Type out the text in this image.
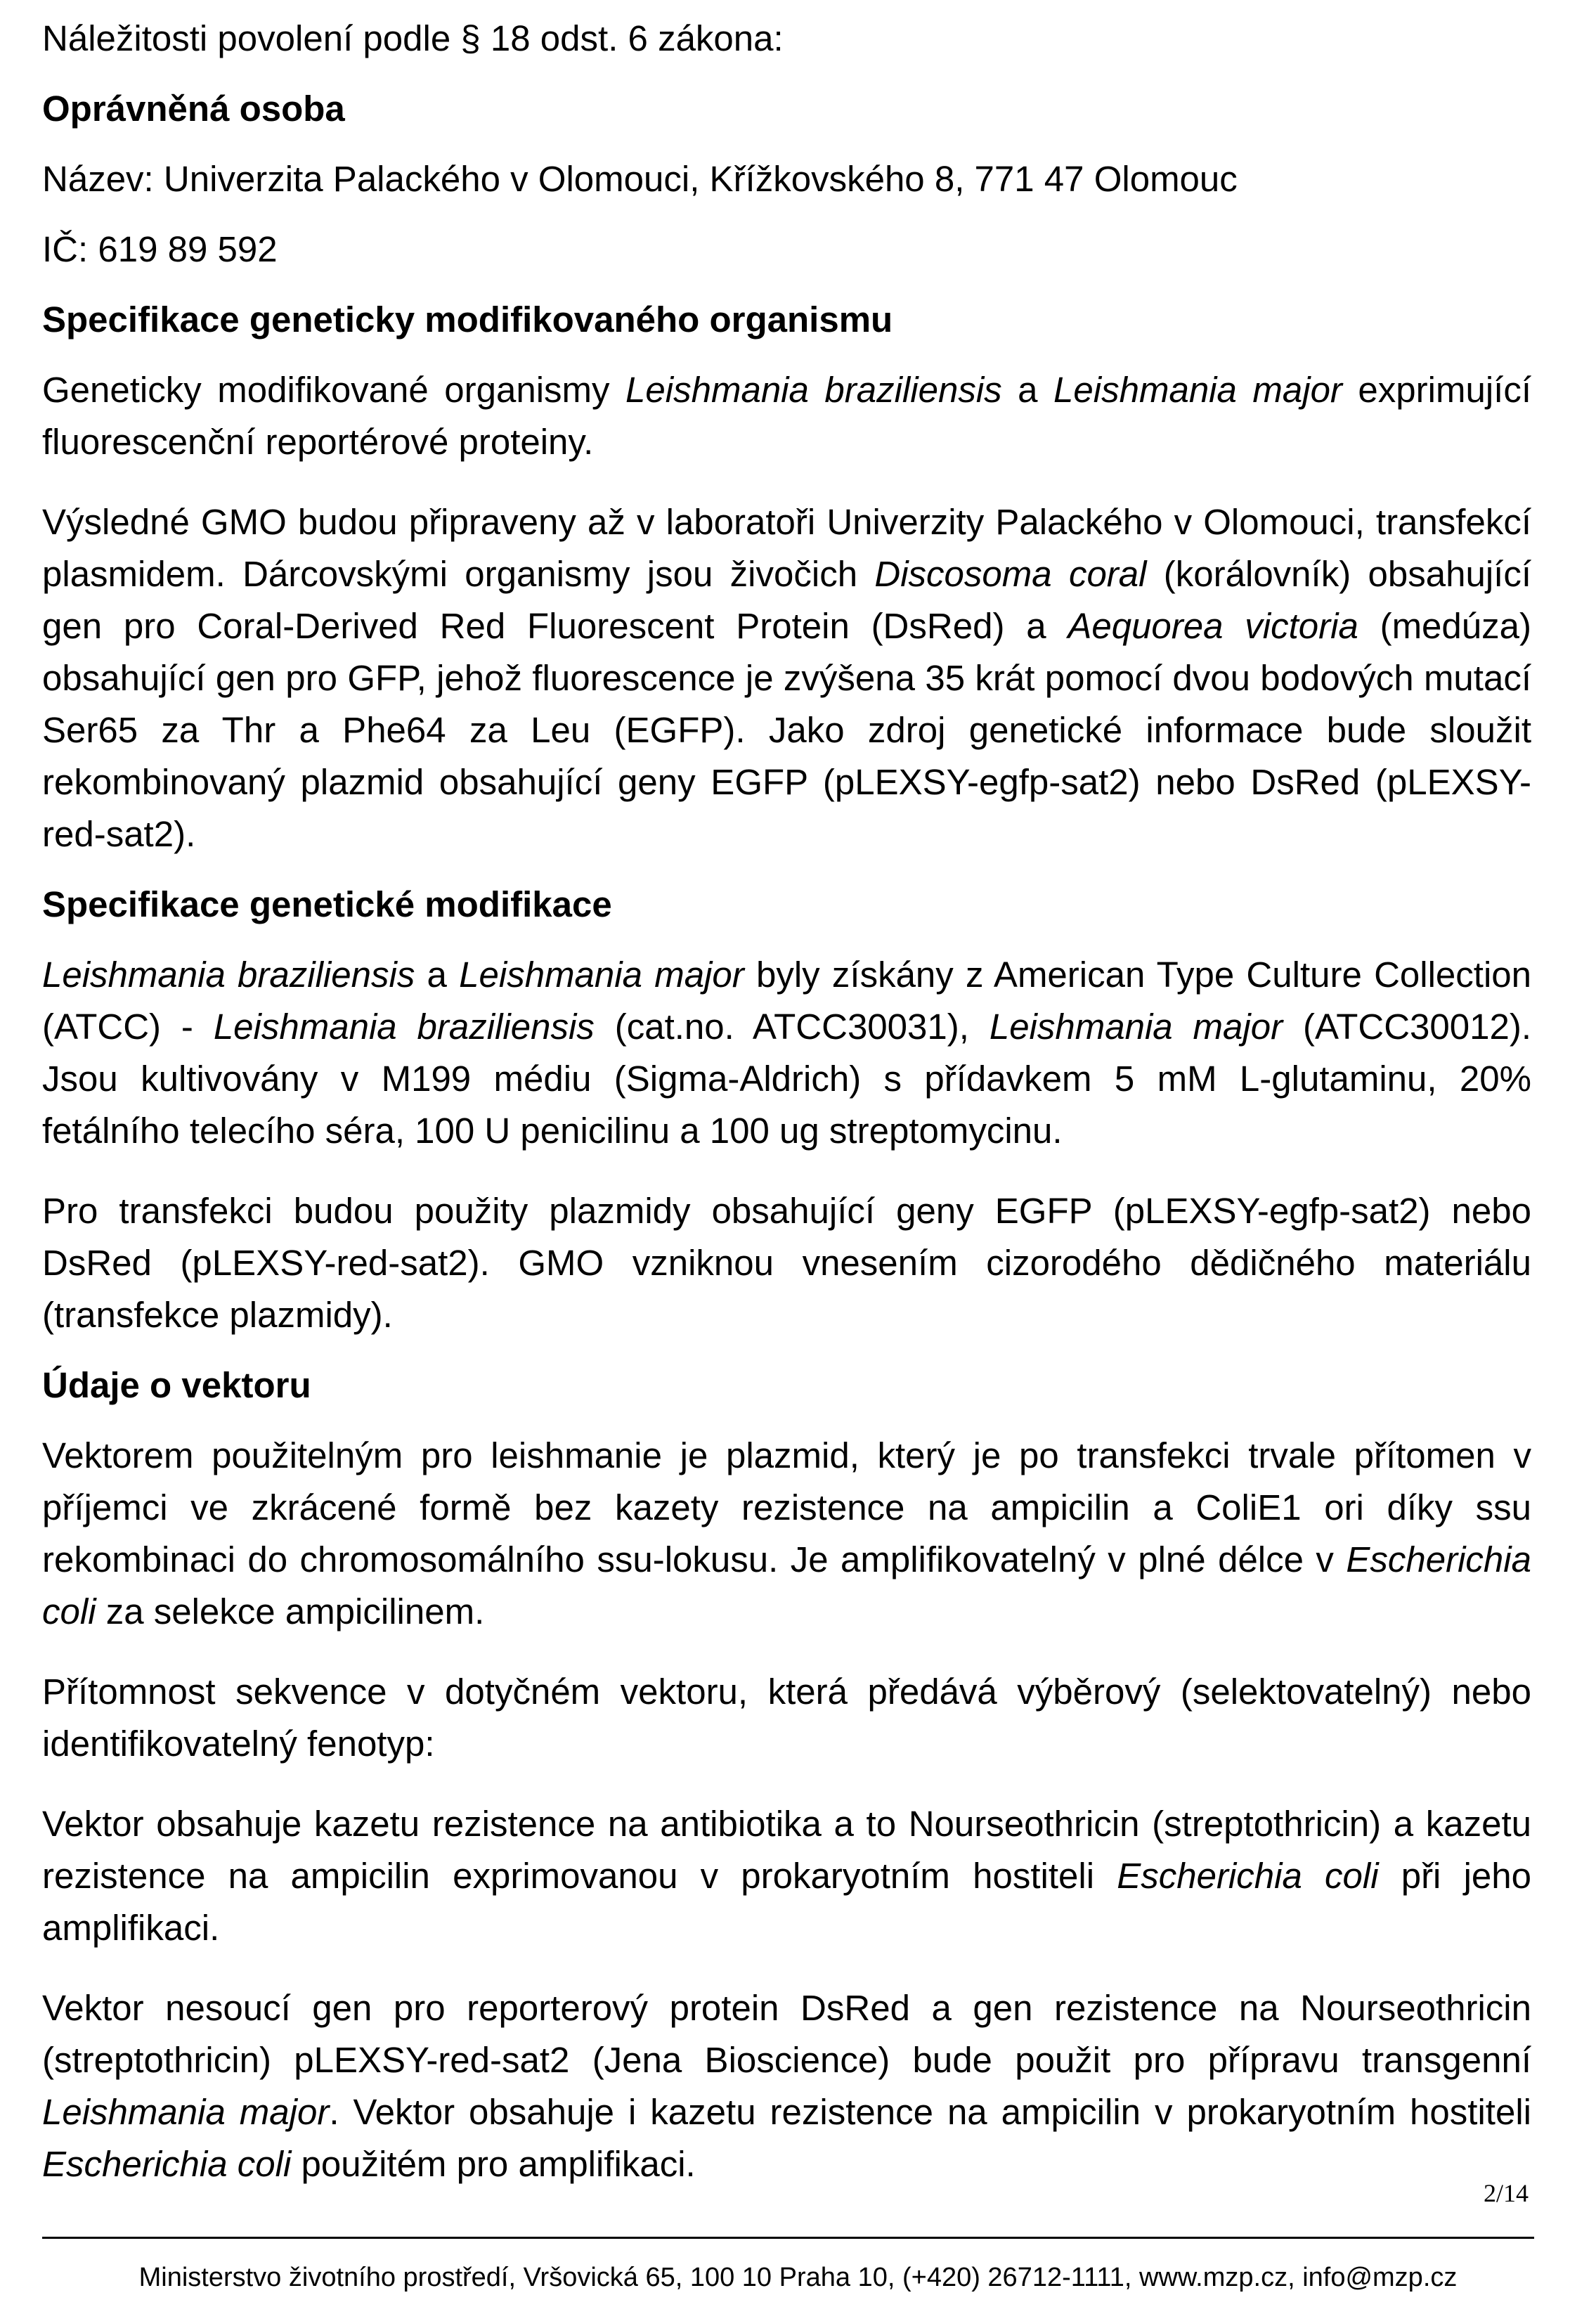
Náležitosti povolení podle § 18 odst. 6 zákona:

Oprávněná osoba

Název: Univerzita Palackého v Olomouci, Křížkovského 8, 771 47 Olomouc

IČ: 619 89 592

Specifikace geneticky modifikovaného organismu

Geneticky modifikované organismy Leishmania braziliensis a Leishmania major exprimující fluorescenční reportérové proteiny.

Výsledné GMO budou připraveny až v laboratoři Univerzity Palackého v Olomouci, transfekcí plasmidem. Dárcovskými organismy jsou živočich Discosoma coral (korálovník) obsahující gen pro Coral-Derived Red Fluorescent Protein (DsRed) a Aequorea victoria (medúza) obsahující gen pro GFP, jehož fluorescence je zvýšena 35 krát pomocí dvou bodových mutací Ser65 za Thr a Phe64 za Leu (EGFP). Jako zdroj genetické informace bude sloužit rekombinovaný plazmid obsahující geny EGFP (pLEXSY-egfp-sat2) nebo DsRed (pLEXSY-red-sat2).

Specifikace genetické modifikace

Leishmania braziliensis a Leishmania major byly získány z American Type Culture Collection (ATCC) - Leishmania braziliensis (cat.no. ATCC30031), Leishmania major (ATCC30012). Jsou kultivovány v M199 médiu (Sigma-Aldrich) s přídavkem 5 mM L-glutaminu, 20% fetálního telecího séra, 100 U penicilinu a 100 ug streptomycinu.

Pro transfekci budou použity plazmidy obsahující geny EGFP (pLEXSY-egfp-sat2) nebo DsRed (pLEXSY-red-sat2). GMO vzniknou vnesením cizorodého dědičného materiálu (transfekce plazmidy).

Údaje o vektoru

Vektorem použitelným pro leishmanie je plazmid, který je po transfekci trvale přítomen v příjemci ve zkrácené formě bez kazety rezistence na ampicilin a ColiE1 ori díky ssu rekombinaci do chromosomálního ssu-lokusu. Je amplifikovatelný v plné délce v Escherichia coli za selekce ampicilinem.

Přítomnost sekvence v dotyčném vektoru, která předává výběrový (selektovatelný) nebo identifikovatelný fenotyp:

Vektor obsahuje kazetu rezistence na antibiotika a to Nourseothricin (streptothricin) a kazetu rezistence na ampicilin exprimovanou v prokaryotním hostiteli Escherichia coli při jeho amplifikaci.

Vektor nesoucí gen pro reporterový protein DsRed a gen rezistence na Nourseothricin (streptothricin) pLEXSY-red-sat2 (Jena Bioscience) bude použit pro přípravu transgenní Leishmania major. Vektor obsahuje i kazetu rezistence na ampicilin v prokaryotním hostiteli Escherichia coli použitém pro amplifikaci.

2/14
Ministerstvo životního prostředí, Vršovická 65, 100 10 Praha 10, (+420) 26712-1111, www.mzp.cz, info@mzp.cz
